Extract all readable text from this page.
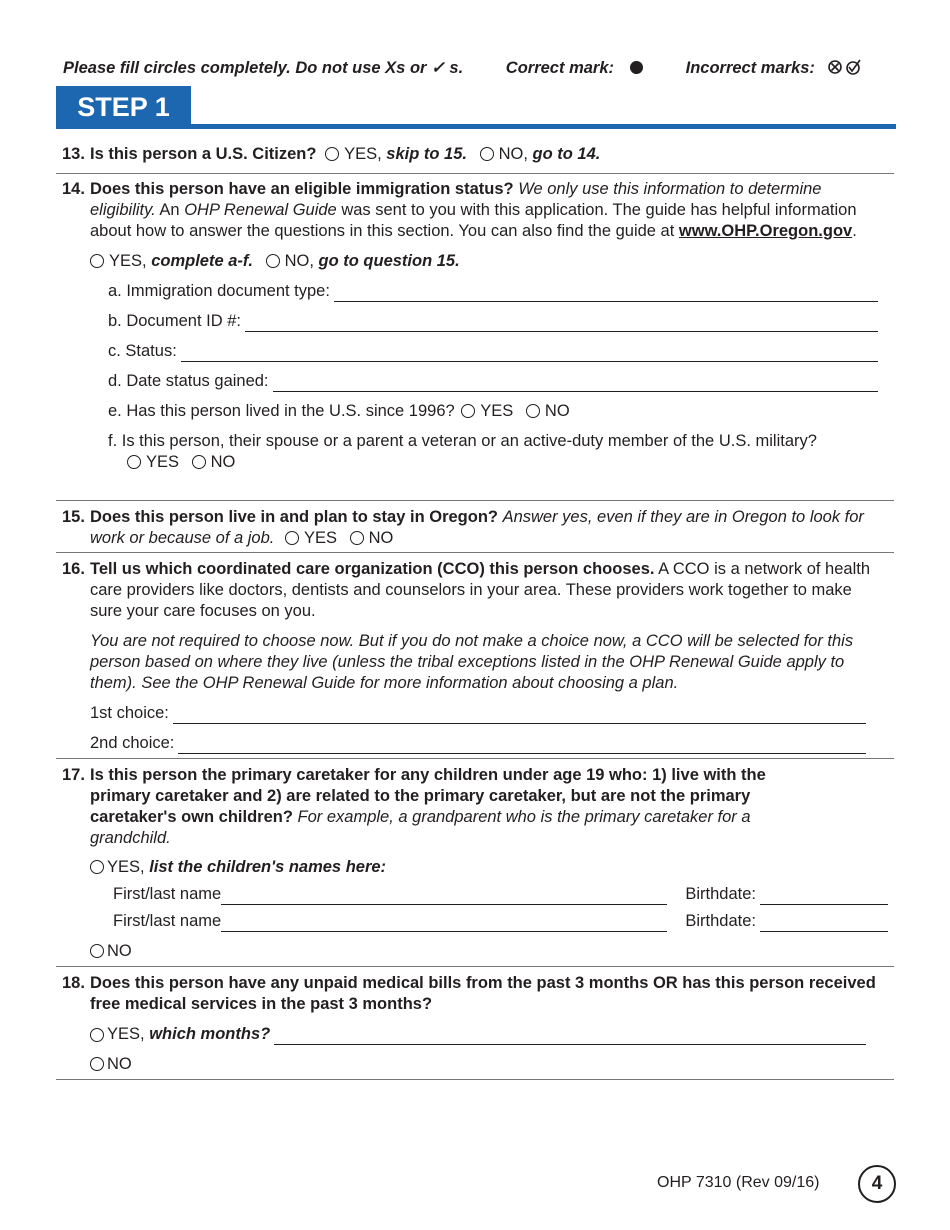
Please fill circles completely. Do not use Xs or ✓ s.	Correct mark:	Incorrect marks:
STEP 1
13. Is this person a U.S. Citizen? YES, skip to 15. NO, go to 14.
14. Does this person have an eligible immigration status? We only use this information to determine eligibility. An OHP Renewal Guide was sent to you with this application. The guide has helpful information about how to answer the questions in this section. You can also find the guide at www.OHP.Oregon.gov.
YES, complete a-f. NO, go to question 15.
a. Immigration document type:
b. Document ID #:
c. Status:
d. Date status gained:
e. Has this person lived in the U.S. since 1996? YES NO
f. Is this person, their spouse or a parent a veteran or an active-duty member of the U.S. military?
YES NO
15. Does this person live in and plan to stay in Oregon? Answer yes, even if they are in Oregon to look for work or because of a job. YES NO
16. Tell us which coordinated care organization (CCO) this person chooses. A CCO is a network of health care providers like doctors, dentists and counselors in your area. These providers work together to make sure your care focuses on you.
You are not required to choose now. But if you do not make a choice now, a CCO will be selected for this person based on where they live (unless the tribal exceptions listed in the OHP Renewal Guide apply to them). See the OHP Renewal Guide for more information about choosing a plan.
1st choice:
2nd choice:
17. Is this person the primary caretaker for any children under age 19 who: 1) live with the primary caretaker and 2) are related to the primary caretaker, but are not the primary caretaker's own children? For example, a grandparent who is the primary caretaker for a grandchild.
YES, list the children's names here:
First/last name	Birthdate:
First/last name	Birthdate:
NO
18. Does this person have any unpaid medical bills from the past 3 months OR has this person received free medical services in the past 3 months?
YES,
which months?
NO
OHP 7310 (Rev 09/16)	4
